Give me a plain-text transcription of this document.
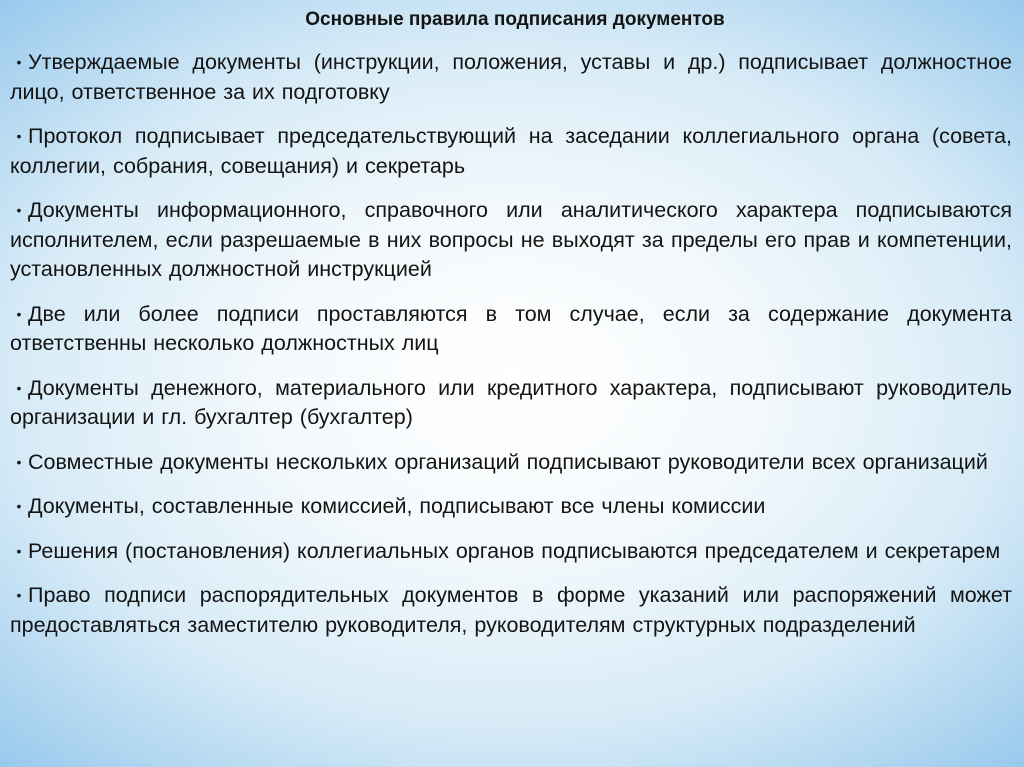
Основные правила подписания документов
• Утверждаемые документы (инструкции, положения, уставы и др.) подписывает должностное лицо, ответственное за их подготовку
• Протокол подписывает председательствующий на заседании коллегиального органа (совета, коллегии, собрания, совещания) и секретарь
• Документы информационного, справочного или аналитического характера подписываются исполнителем, если разрешаемые в них вопросы не выходят за пределы его прав и компетенции, установленных должностной инструкцией
• Две или более подписи проставляются в том случае, если за содержание документа ответственны несколько должностных лиц
• Документы денежного, материального или кредитного характера, подписывают руководитель организации и гл. бухгалтер (бухгалтер)
• Совместные документы нескольких организаций подписывают руководители всех организаций
• Документы, составленные комиссией, подписывают все члены комиссии
• Решения (постановления) коллегиальных органов подписываются председателем и секретарем
• Право подписи распорядительных документов в форме указаний или распоряжений может предоставляться заместителю руководителя, руководителям структурных подразделений
